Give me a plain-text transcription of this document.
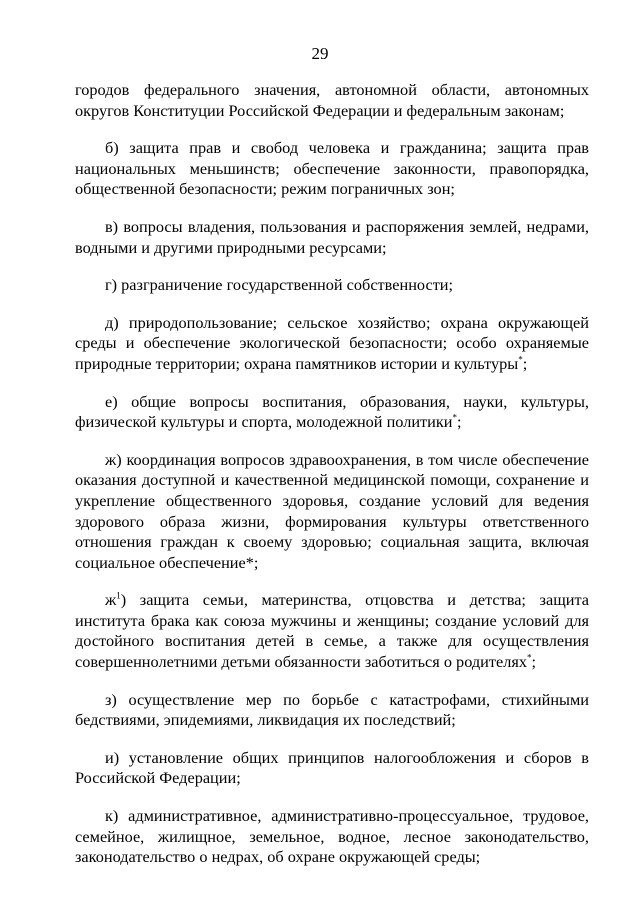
29

городов федерального значения, автономной области, автономных округов Конституции Российской Федерации и федеральным законам;

б) защита прав и свобод человека и гражданина; защита прав национальных меньшинств; обеспечение законности, правопорядка, общественной безопасности; режим пограничных зон;

в) вопросы владения, пользования и распоряжения землей, недрами, водными и другими природными ресурсами;

г) разграничение государственной собственности;

д) природопользование; сельское хозяйство; охрана окружающей среды и обеспечение экологической безопасности; особо охраняемые природные территории; охрана памятников истории и культуры*;

е) общие вопросы воспитания, образования, науки, культуры, физической культуры и спорта, молодежной политики*;

ж) координация вопросов здравоохранения, в том числе обеспечение оказания доступной и качественной медицинской помощи, сохранение и укрепление общественного здоровья, создание условий для ведения здорового образа жизни, формирования культуры ответственного отношения граждан к своему здоровью; социальная защита, включая социальное обеспечение*;

$ж^1$) защита семьи, материнства, отцовства и детства; защита института брака как союза мужчины и женщины; создание условий для достойного воспитания детей в семье, а также для осуществления совершеннолетними детьми обязанности заботиться о родителях*;

з) осуществление мер по борьбе с катастрофами, стихийными бедствиями, эпидемиями, ликвидация их последствий;

и) установление общих принципов налогообложения и сборов в Российской Федерации;

к) административное, административно-процессуальное, трудовое, семейное, жилищное, земельное, водное, лесное законодательство, законодательство о недрах, об охране окружающей среды;
